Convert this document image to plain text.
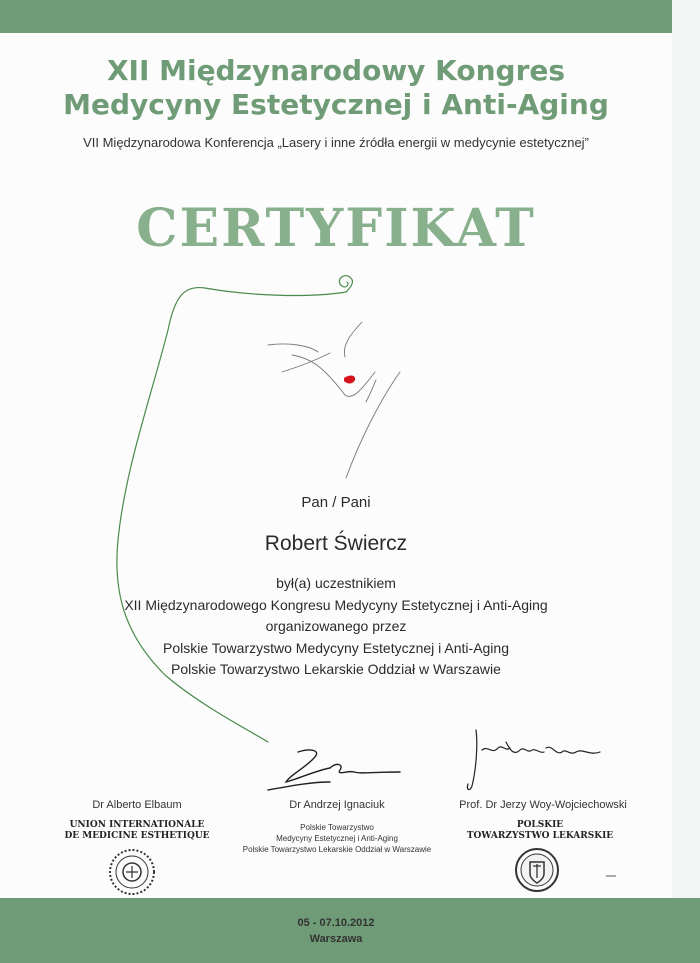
XII Międzynarodowy Kongres
Medycyny Estetycznej i Anti-Aging
VII Międzynarodowa Konferencja „Lasery i inne źródła energii w medycynie estetycznej”
CERTYFIKAT
Pan / Pani
Robert Świercz
był(a) uczestnikiem
XII Międzynarodowego Kongresu Medycyny Estetycznej i Anti-Aging
organizowanego przez
Polskie Towarzystwo Medycyny Estetycznej i Anti-Aging
Polskie Towarzystwo Lekarskie Oddział w Warszawie
Dr Alberto Elbaum
UNION INTERNATIONALE
DE MEDICINE ESTHETIQUE
Dr Andrzej Ignaciuk
Polskie Towarzystwo
Medycyny Estetycznej i Anti-Aging
Polskie Towarzystwo Lekarskie Oddział w Warszawie
Prof. Dr Jerzy Woy-Wojciechowski
POLSKIE
TOWARZYSTWO LEKARSKIE
05 - 07.10.2012
Warszawa
